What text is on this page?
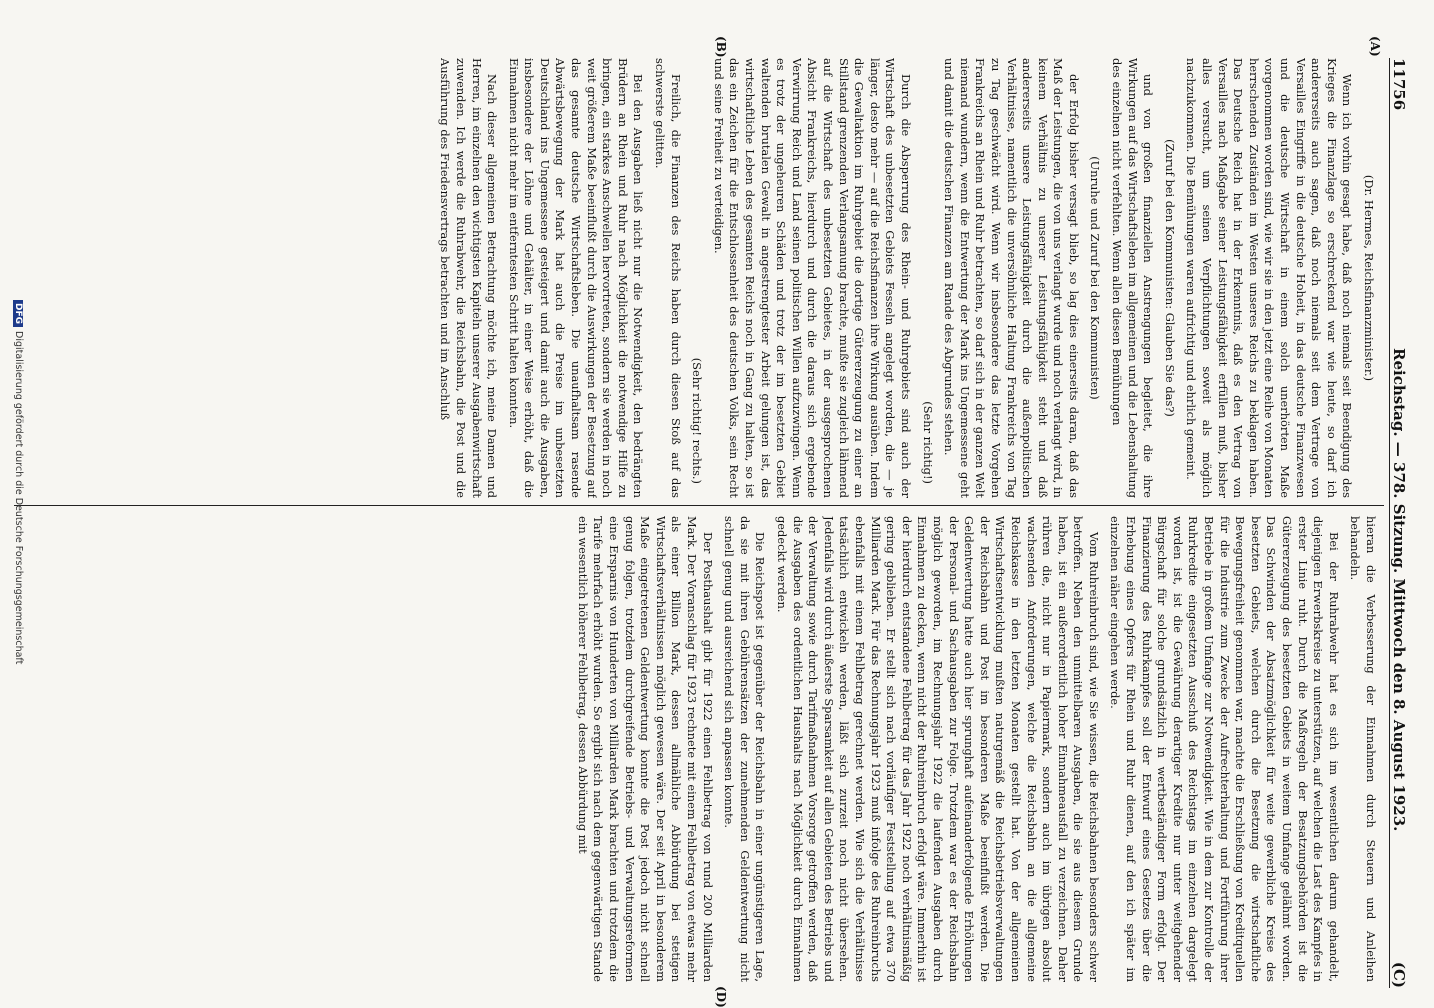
11756
Reichstag. — 378. Sitzung. Mittwoch den 8. August 1923.
(C)
(A)
(B)
(D)

(Dr. Hermes, Reichsfinanzminister.)

Wenn ich vorhin gesagt habe, daß noch niemals seit Beendigung des Krieges die Finanzlage so erschreckend war wie heute, so darf ich andererseits auch sagen, daß noch niemals seit dem Vertrage von Versailles Eingriffe in die deutsche Hoheit, in das deutsche Finanzwesen und die deutsche Wirtschaft in einem solch unerhörten Maße vorgenommen worden sind, wie wir sie in den jetzt eine Reihe von Monaten herrschenden Zuständen im Westen unseres Reichs zu beklagen haben. Das Deutsche Reich hat in der Erkenntnis, daß es den Vertrag von Versailles nach Maßgabe seiner Leistungsfähigkeit erfüllen muß, bisher alles versucht, um seinen Verpflichtungen soweit als möglich nachzukommen. Die Bemühungen waren aufrichtig und ehrlich gemeint.

(Zuruf bei den Kommunisten: Glauben Sie das?)

und von großen finanziellen Anstrengungen begleitet, die ihre Wirkungen auf das Wirtschaftsleben im allgemeinen und die Lebenshaltung des einzelnen nicht verfehlten. Wenn allen diesen Bemühungen

(Unruhe und Zuruf bei den Kommunisten)

der Erfolg bisher versagt blieb, so lag dies einerseits daran, daß das Maß der Leistungen, die von uns verlangt wurde und noch verlangt wird, in keinem Verhältnis zu unserer Leistungsfähigkeit steht und daß andererseits unsere Leistungsfähigkeit durch die außenpolitischen Verhältnisse, namentlich die unversöhnliche Haltung Frankreichs von Tag zu Tag geschwächt wird. Wenn wir insbesondere das letzte Vorgehen Frankreichs an Rhein und Ruhr betrachten, so darf sich in der ganzen Welt niemand wundern, wenn die Entwertung der Mark ins Ungemessene geht und damit die deutschen Finanzen am Rande des Abgrundes stehen.

(Sehr richtig!)

Durch die Absperrung des Rhein- und Ruhrgebiets sind auch der Wirtschaft des unbesetzten Gebiets Fesseln angelegt worden, die — je länger, desto mehr — auf die Reichsfinanzen ihre Wirkung ausüben. Indem die Gewaltaktion im Ruhrgebiet die dortige Gütererzeugung zu einer an Stillstand grenzenden Verlangsamung brachte, mußte sie zugleich lähmend auf die Wirtschaft des unbesetzten Gebietes, in der ausgesprochenen Absicht Frankreichs, hierdurch und durch die daraus sich ergebende Verwirrung Reich und Land seinen politischen Willen aufzuzwingen. Wenn es trotz der ungeheuren Schäden und trotz der im besetzten Gebiet waltenden brutalen Gewalt in angestrengtester Arbeit gelungen ist, das wirtschaftliche Leben des gesamten Reichs noch in Gang zu halten, so ist das ein Zeichen für die Entschlossenheit des deutschen Volks, sein Recht und seine Freiheit zu verteidigen.

(Sehr richtig! rechts.)

Freilich, die Finanzen des Reichs haben durch diesen Stoß auf das schwerste gelitten.

Bei den Ausgaben ließ nicht nur die Notwendigkeit, den bedrängten Brüdern an Rhein und Ruhr nach Möglichkeit die notwendige Hilfe zu bringen, ein starkes Anschwellen hervortreten, sondern sie werden in noch weit größerem Maße beeinflußt durch die Auswirkungen der Besetzung auf das gesamte deutsche Wirtschaftsleben. Die unaufhaltsam rasende Abwärtsbewegung der Mark hat auch die Preise im unbesetzten Deutschland ins Ungemessene gesteigert und damit auch die Ausgaben, insbesondere der Löhne und Gehälter, in einer Weise erhöht, daß die Einnahmen nicht mehr im entferntesten Schritt halten konnten.

Nach dieser allgemeinen Betrachtung möchte ich, meine Damen und Herren, im einzelnen den wichtigsten Kapiteln unserer Ausgabenwirtschaft zuwenden. Ich werde die Ruhrabwehr, die Reichsbahn, die Post und die Ausführung des Friedensvertrags betrachten und im Anschluß

hieran die Verbesserung der Einnahmen durch Steuern und Anleihen behandeln.

Bei der Ruhrabwehr hat es sich im wesentlichen darum gehandelt, diejenigen Erwerbskreise zu unterstützen, auf welchen die Last des Kampfes in erster Linie ruht. Durch die Maßregeln der Besatzungsbehörden ist die Gütererzeugung des besetzten Gebiets in weitem Umfange gelähmt worden. Das Schwinden der Absatzmöglichkeit für weite gewerbliche Kreise des besetzten Gebiets, welchen durch die Besetzung die wirtschaftliche Bewegungsfreiheit genommen war, machte die Erschließung von Kreditquellen für die Industrie zum Zwecke der Aufrechterhaltung und Fortführung ihrer Betriebe in großem Umfange zur Notwendigkeit. Wie in dem zur Kontrolle der Ruhrkredite eingesetzten Ausschuß des Reichstags im einzelnen dargelegt worden ist, ist die Gewährung derartiger Kredite nur unter weitgehender Bürgschaft für solche grundsätzlich in wertbeständiger Form erfolgt. Der Finanzierung des Ruhrkampfes soll der Entwurf eines Gesetzes über die Erhebung eines Opfers für Rhein und Ruhr dienen, auf den ich später im einzelnen näher eingehen werde.

Vom Ruhreinbruch sind, wie Sie wissen, die Reichsbahnen besonders schwer betroffen. Neben den unmittelbaren Ausgaben, die sie aus diesem Grunde haben, ist ein außerordentlich hoher Einnahmeausfall zu verzeichnen. Daher rühren die, nicht nur in Papiermark, sondern auch im übrigen absolut wachsenden Anforderungen, welche die Reichsbahn an die allgemeine Reichskasse in den letzten Monaten gestellt hat. Von der allgemeinen Wirtschaftsentwicklung mußten naturgemäß die Reichsbetriebsverwaltungen der Reichsbahn und Post im besonderen Maße beeinflußt werden. Die Geldentwertung hatte auch hier sprunghaft aufeinanderfolgende Erhöhungen der Personal- und Sachausgaben zur Folge. Trotzdem war es der Reichsbahn möglich geworden, im Rechnungsjahr 1922 die laufenden Ausgaben durch Einnahmen zu decken, wenn nicht der Ruhreinbruch erfolgt wäre. Immerhin ist der hierdurch entstandene Fehlbetrag für das Jahr 1922 noch verhältnismäßig gering geblieben. Er stellt sich nach vorläufiger Feststellung auf etwa 370 Milliarden Mark. Für das Rechnungsjahr 1923 muß infolge des Ruhreinbruchs ebenfalls mit einem Fehlbetrag gerechnet werden. Wie sich die Verhältnisse tatsächlich entwickeln werden, läßt sich zurzeit noch nicht übersehen. Jedenfalls wird durch äußerste Sparsamkeit auf allen Gebieten des Betriebs und der Verwaltung sowie durch Tarifmaßnahmen Vorsorge getroffen werden, daß die Ausgaben des ordentlichen Haushalts nach Möglichkeit durch Einnahmen gedeckt werden.

Die Reichspost ist gegenüber der Reichsbahn in einer ungünstigeren Lage, da sie mit ihren Gebührensätzen der zunehmenden Geldentwertung nicht schnell genug und ausreichend sich anpassen konnte.

Der Posthaushalt gibt für 1922 einen Fehlbetrag von rund 200 Milliarden Mark. Der Voranschlag für 1923 rechnete mit einem Fehlbetrag von etwas mehr als einer Billion Mark, dessen allmähliche Abbürdung bei stetigen Wirtschaftsverhältnissen möglich gewesen wäre. Der seit April in besonderem Maße eingetretenen Geldentwertung konnte die Post jedoch nicht schnell genug folgen, trotzdem durchgreifende Betriebs- und Verwaltungsreformen eine Ersparnis von Hunderten von Milliarden Mark brachten und trotzdem die Tarife mehrfach erhöht wurden. So ergibt sich nach dem gegenwärtigen Stande ein wesentlich höherer Fehlbetrag, dessen Abbürdung mit

DFGDigitalisierung gefördert durch die Deutsche Forschungsgemeinschaft
